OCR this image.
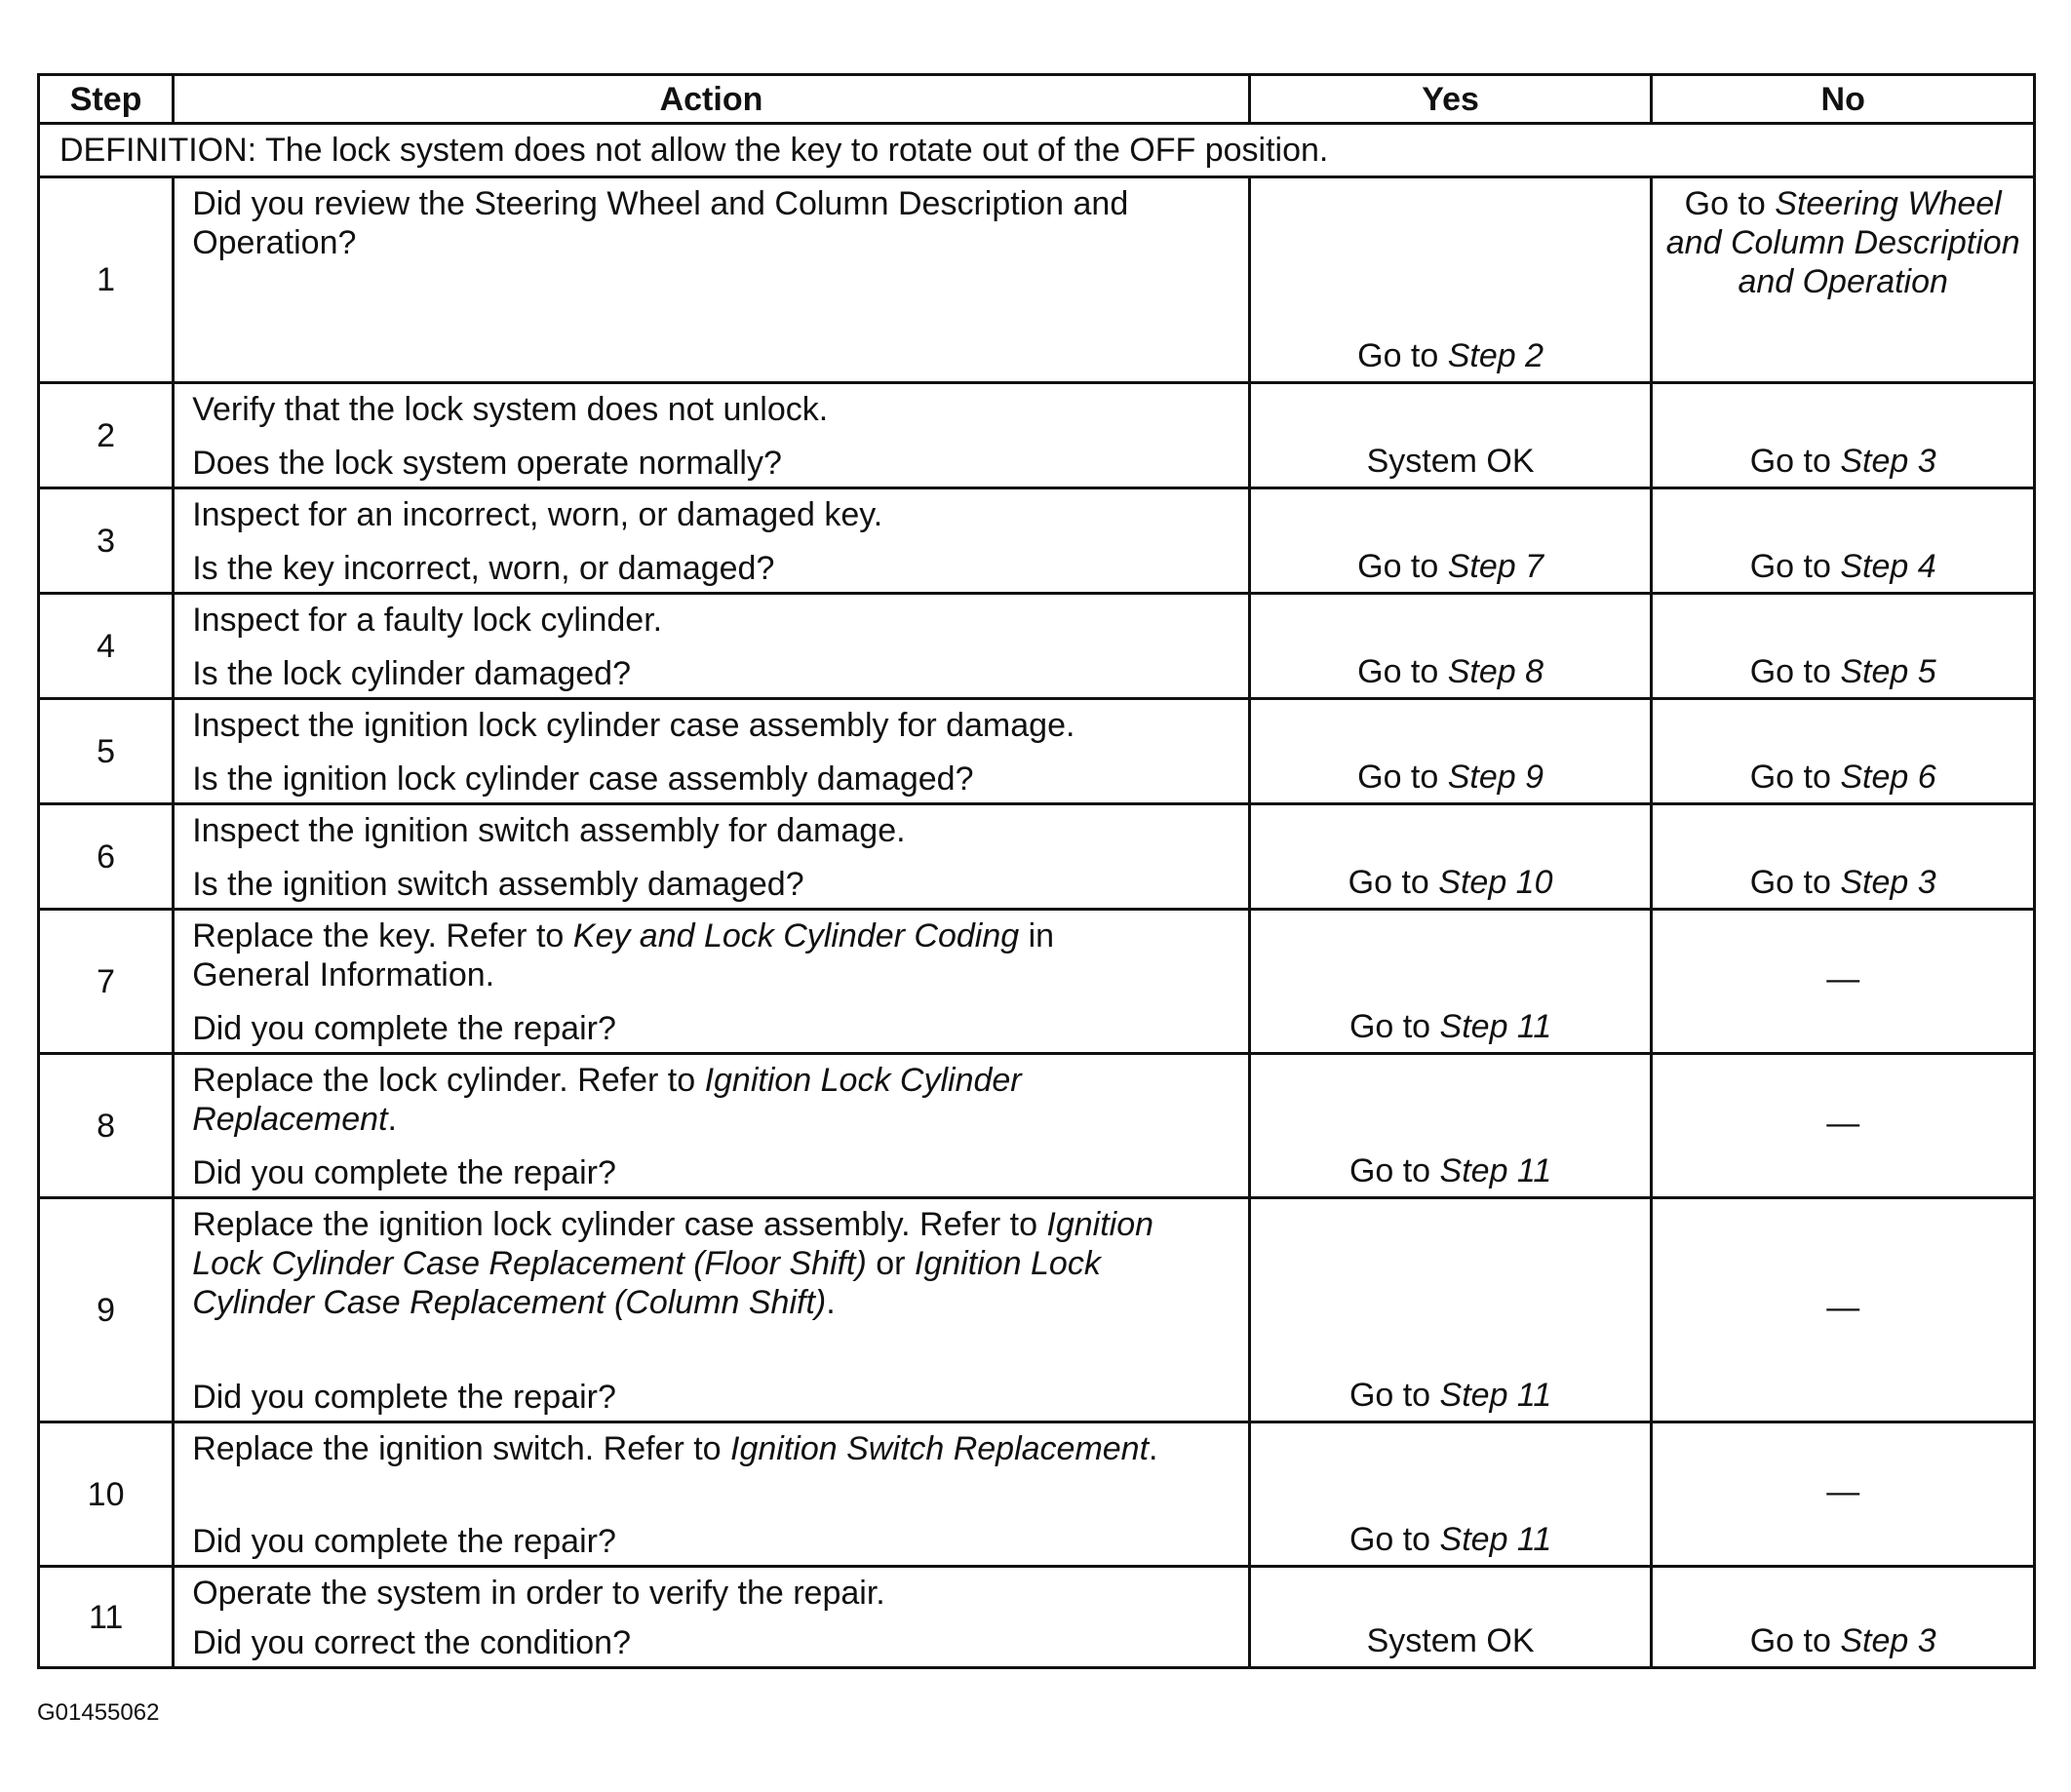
Step	Action	Yes	No
DEFINITION: The lock system does not allow the key to rotate out of the OFF position.			
1	Did you review the Steering Wheel and Column Description and Operation?	Go to Step 2	Go to Steering Wheel and Column Description and Operation
2	Verify that the lock system does not unlock.
Does the lock system operate normally?	System OK	Go to Step 3
3	Inspect for an incorrect, worn, or damaged key.
Is the key incorrect, worn, or damaged?	Go to Step 7	Go to Step 4
4	Inspect for a faulty lock cylinder.
Is the lock cylinder damaged?	Go to Step 8	Go to Step 5
5	Inspect the ignition lock cylinder case assembly for damage.
Is the ignition lock cylinder case assembly damaged?	Go to Step 9	Go to Step 6
6	Inspect the ignition switch assembly for damage.
Is the ignition switch assembly damaged?	Go to Step 10	Go to Step 3
7	Replace the key. Refer to Key and Lock Cylinder Coding in General Information.
Did you complete the repair?	Go to Step 11	—
8	Replace the lock cylinder. Refer to Ignition Lock Cylinder Replacement.
Did you complete the repair?	Go to Step 11	—
9	Replace the ignition lock cylinder case assembly. Refer to Ignition Lock Cylinder Case Replacement (Floor Shift) or Ignition Lock Cylinder Case Replacement (Column Shift).
Did you complete the repair?	Go to Step 11	—
10	Replace the ignition switch. Refer to Ignition Switch Replacement.
Did you complete the repair?	Go to Step 11	—
11	Operate the system in order to verify the repair.
Did you correct the condition?	System OK	Go to Step 3
G01455062
